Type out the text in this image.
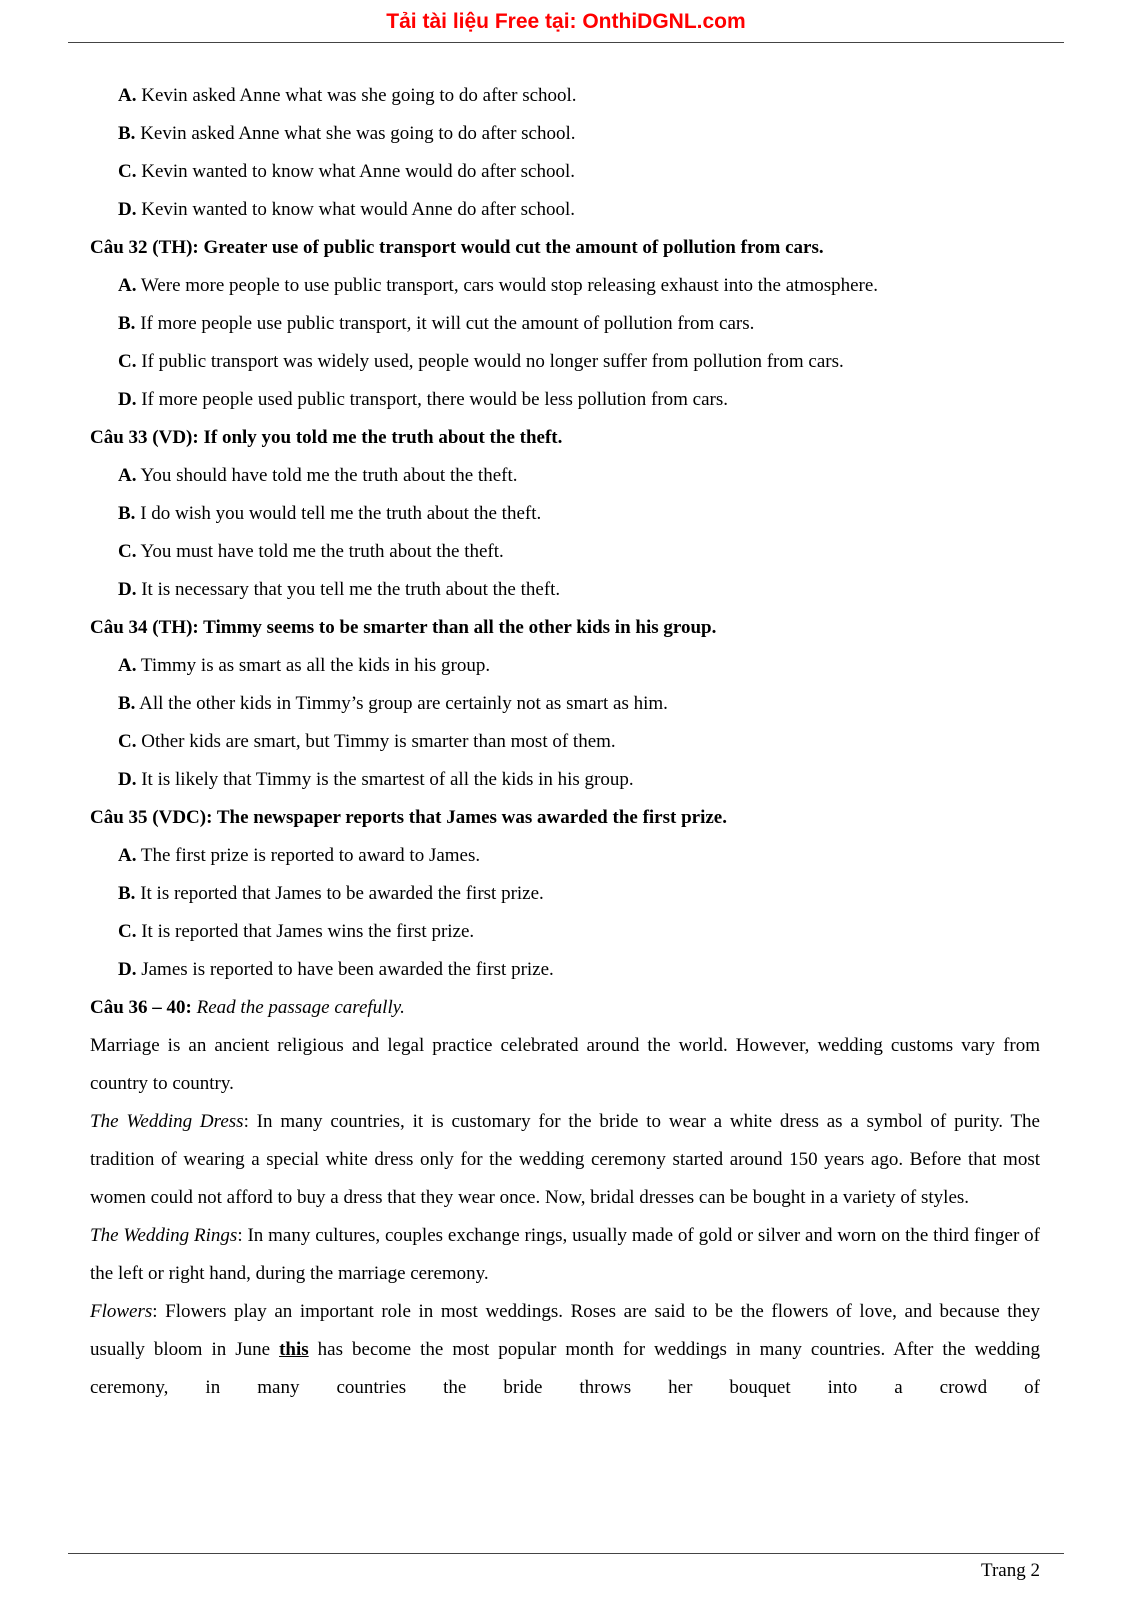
Tải tài liệu Free tại: OnthiDGNL.com
A. Kevin asked Anne what was she going to do after school.
B. Kevin asked Anne what she was going to do after school.
C. Kevin wanted to know what Anne would do after school.
D. Kevin wanted to know what would Anne do after school.
Câu 32 (TH): Greater use of public transport would cut the amount of pollution from cars.
A. Were more people to use public transport, cars would stop releasing exhaust into the atmosphere.
B. If more people use public transport, it will cut the amount of pollution from cars.
C. If public transport was widely used, people would no longer suffer from pollution from cars.
D. If more people used public transport, there would be less pollution from cars.
Câu 33 (VD): If only you told me the truth about the theft.
A. You should have told me the truth about the theft.
B. I do wish you would tell me the truth about the theft.
C. You must have told me the truth about the theft.
D. It is necessary that you tell me the truth about the theft.
Câu 34 (TH): Timmy seems to be smarter than all the other kids in his group.
A. Timmy is as smart as all the kids in his group.
B. All the other kids in Timmy’s group are certainly not as smart as him.
C. Other kids are smart, but Timmy is smarter than most of them.
D. It is likely that Timmy is the smartest of all the kids in his group.
Câu 35 (VDC): The newspaper reports that James was awarded the first prize.
A. The first prize is reported to award to James.
B. It is reported that James to be awarded the first prize.
C. It is reported that James wins the first prize.
D. James is reported to have been awarded the first prize.
Câu 36 – 40: Read the passage carefully.
Marriage is an ancient religious and legal practice celebrated around the world. However, wedding customs vary from country to country.
The Wedding Dress: In many countries, it is customary for the bride to wear a white dress as a symbol of purity. The tradition of wearing a special white dress only for the wedding ceremony started around 150 years ago. Before that most women could not afford to buy a dress that they wear once. Now, bridal dresses can be bought in a variety of styles.
The Wedding Rings: In many cultures, couples exchange rings, usually made of gold or silver and worn on the third finger of the left or right hand, during the marriage ceremony.
Flowers: Flowers play an important role in most weddings. Roses are said to be the flowers of love, and because they usually bloom in June this has become the most popular month for weddings in many countries. After the wedding ceremony, in many countries the bride throws her bouquet into a crowd of
Trang 2
